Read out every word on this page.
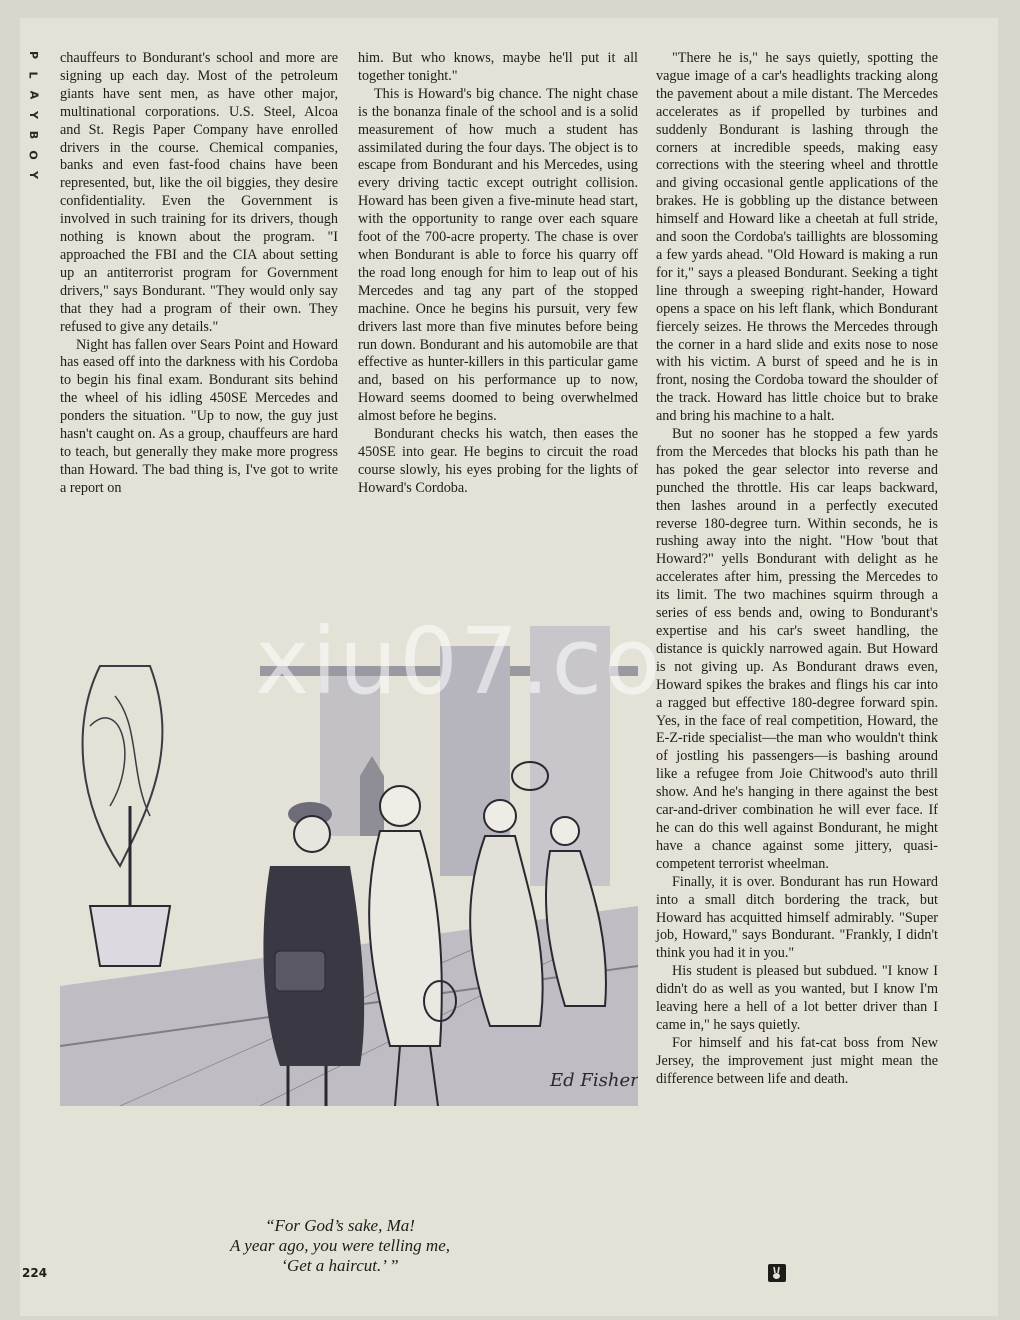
P
L
A
Y
B
O
Y

chauffeurs to Bondurant's school and more are signing up each day. Most of the petroleum giants have sent men, as have other major, multinational corporations. U.S. Steel, Alcoa and St. Regis Paper Company have enrolled drivers in the course. Chemical companies, banks and even fast-food chains have been represented, but, like the oil biggies, they desire confidentiality. Even the Government is involved in such training for its drivers, though nothing is known about the program. "I approached the FBI and the CIA about setting up an antiterrorist program for Government drivers," says Bondurant. "They would only say that they had a program of their own. They refused to give any details."

Night has fallen over Sears Point and Howard has eased off into the darkness with his Cordoba to begin his final exam. Bondurant sits behind the wheel of his idling 450SE Mercedes and ponders the situation. "Up to now, the guy just hasn't caught on. As a group, chauffeurs are hard to teach, but generally they make more progress than Howard. The bad thing is, I've got to write a report on

him. But who knows, maybe he'll put it all together tonight."

This is Howard's big chance. The night chase is the bonanza finale of the school and is a solid measurement of how much a student has assimilated during the four days. The object is to escape from Bondurant and his Mercedes, using every driving tactic except outright collision. Howard has been given a five-minute head start, with the opportunity to range over each square foot of the 700-acre property. The chase is over when Bondurant is able to force his quarry off the road long enough for him to leap out of his Mercedes and tag any part of the stopped machine. Once he begins his pursuit, very few drivers last more than five minutes before being run down. Bondurant and his automobile are that effective as hunter-killers in this particular game and, based on his performance up to now, Howard seems doomed to being overwhelmed almost before he begins.

Bondurant checks his watch, then eases the 450SE into gear. He begins to circuit the road course slowly, his eyes probing for the lights of Howard's Cordoba.

"There he is," he says quietly, spotting the vague image of a car's headlights tracking along the pavement about a mile distant. The Mercedes accelerates as if propelled by turbines and suddenly Bondurant is lashing through the corners at incredible speeds, making easy corrections with the steering wheel and throttle and giving occasional gentle applications of the brakes. He is gobbling up the distance between himself and Howard like a cheetah at full stride, and soon the Cordoba's taillights are blossoming a few yards ahead. "Old Howard is making a run for it," says a pleased Bondurant. Seeking a tight line through a sweeping right-hander, Howard opens a space on his left flank, which Bondurant fiercely seizes. He throws the Mercedes through the corner in a hard slide and exits nose to nose with his victim. A burst of speed and he is in front, nosing the Cordoba toward the shoulder of the track. Howard has little choice but to brake and bring his machine to a halt.

But no sooner has he stopped a few yards from the Mercedes that blocks his path than he has poked the gear selector into reverse and punched the throttle. His car leaps backward, then lashes around in a perfectly executed reverse 180-degree turn. Within seconds, he is rushing away into the night. "How 'bout that Howard?" yells Bondurant with delight as he accelerates after him, pressing the Mercedes to its limit. The two machines squirm through a series of ess bends and, owing to Bondurant's expertise and his car's sweet handling, the distance is quickly narrowed again. But Howard is not giving up. As Bondurant draws even, Howard spikes the brakes and flings his car into a ragged but effective 180-degree forward spin. Yes, in the face of real competition, Howard, the E-Z-ride specialist—the man who wouldn't think of jostling his passengers—is bashing around like a refugee from Joie Chitwood's auto thrill show. And he's hanging in there against the best car-and-driver combination he will ever face. If he can do this well against Bondurant, he might have a chance against some jittery, quasi-competent terrorist wheelman.

Finally, it is over. Bondurant has run Howard into a small ditch bordering the track, but Howard has acquitted himself admirably. "Super job, Howard," says Bondurant. "Frankly, I didn't think you had it in you."

His student is pleased but subdued. "I know I didn't do as well as you wanted, but I know I'm leaving here a hell of a lot better driver than I came in," he says quietly.

For himself and his fat-cat boss from New Jersey, the improvement just might mean the difference between life and death.

Ed Fisher
xiu07.co
“For God’s sake, Ma!
A year ago, you were telling me,
‘Get a haircut.’ ”
224
